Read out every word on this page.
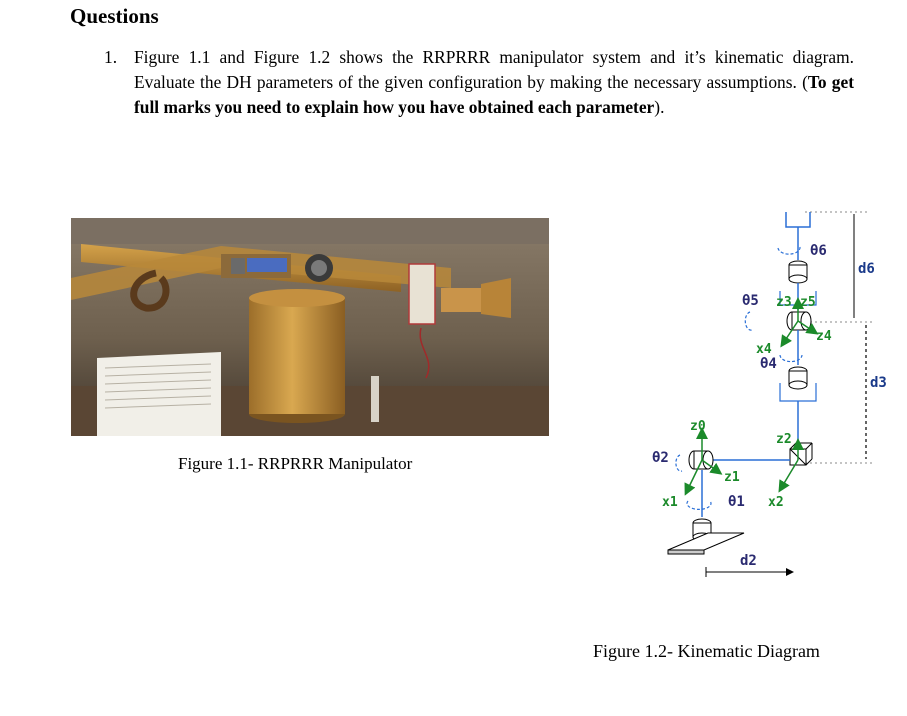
Questions
1. Figure 1.1 and Figure 1.2 shows the RRPRRR manipulator system and it’s kinematic diagram. Evaluate the DH parameters of the given configuration by making the necessary assumptions. (To get full marks you need to explain how you have obtained each parameter).
Figure 1.1- RRPRRR Manipulator
θ6
d6
θ5 z3 z5
z4
x4
θ4
d3
z0
z2
θ2
z1
x1	θ1 x2
d2
Figure 1.2- Kinematic Diagram
